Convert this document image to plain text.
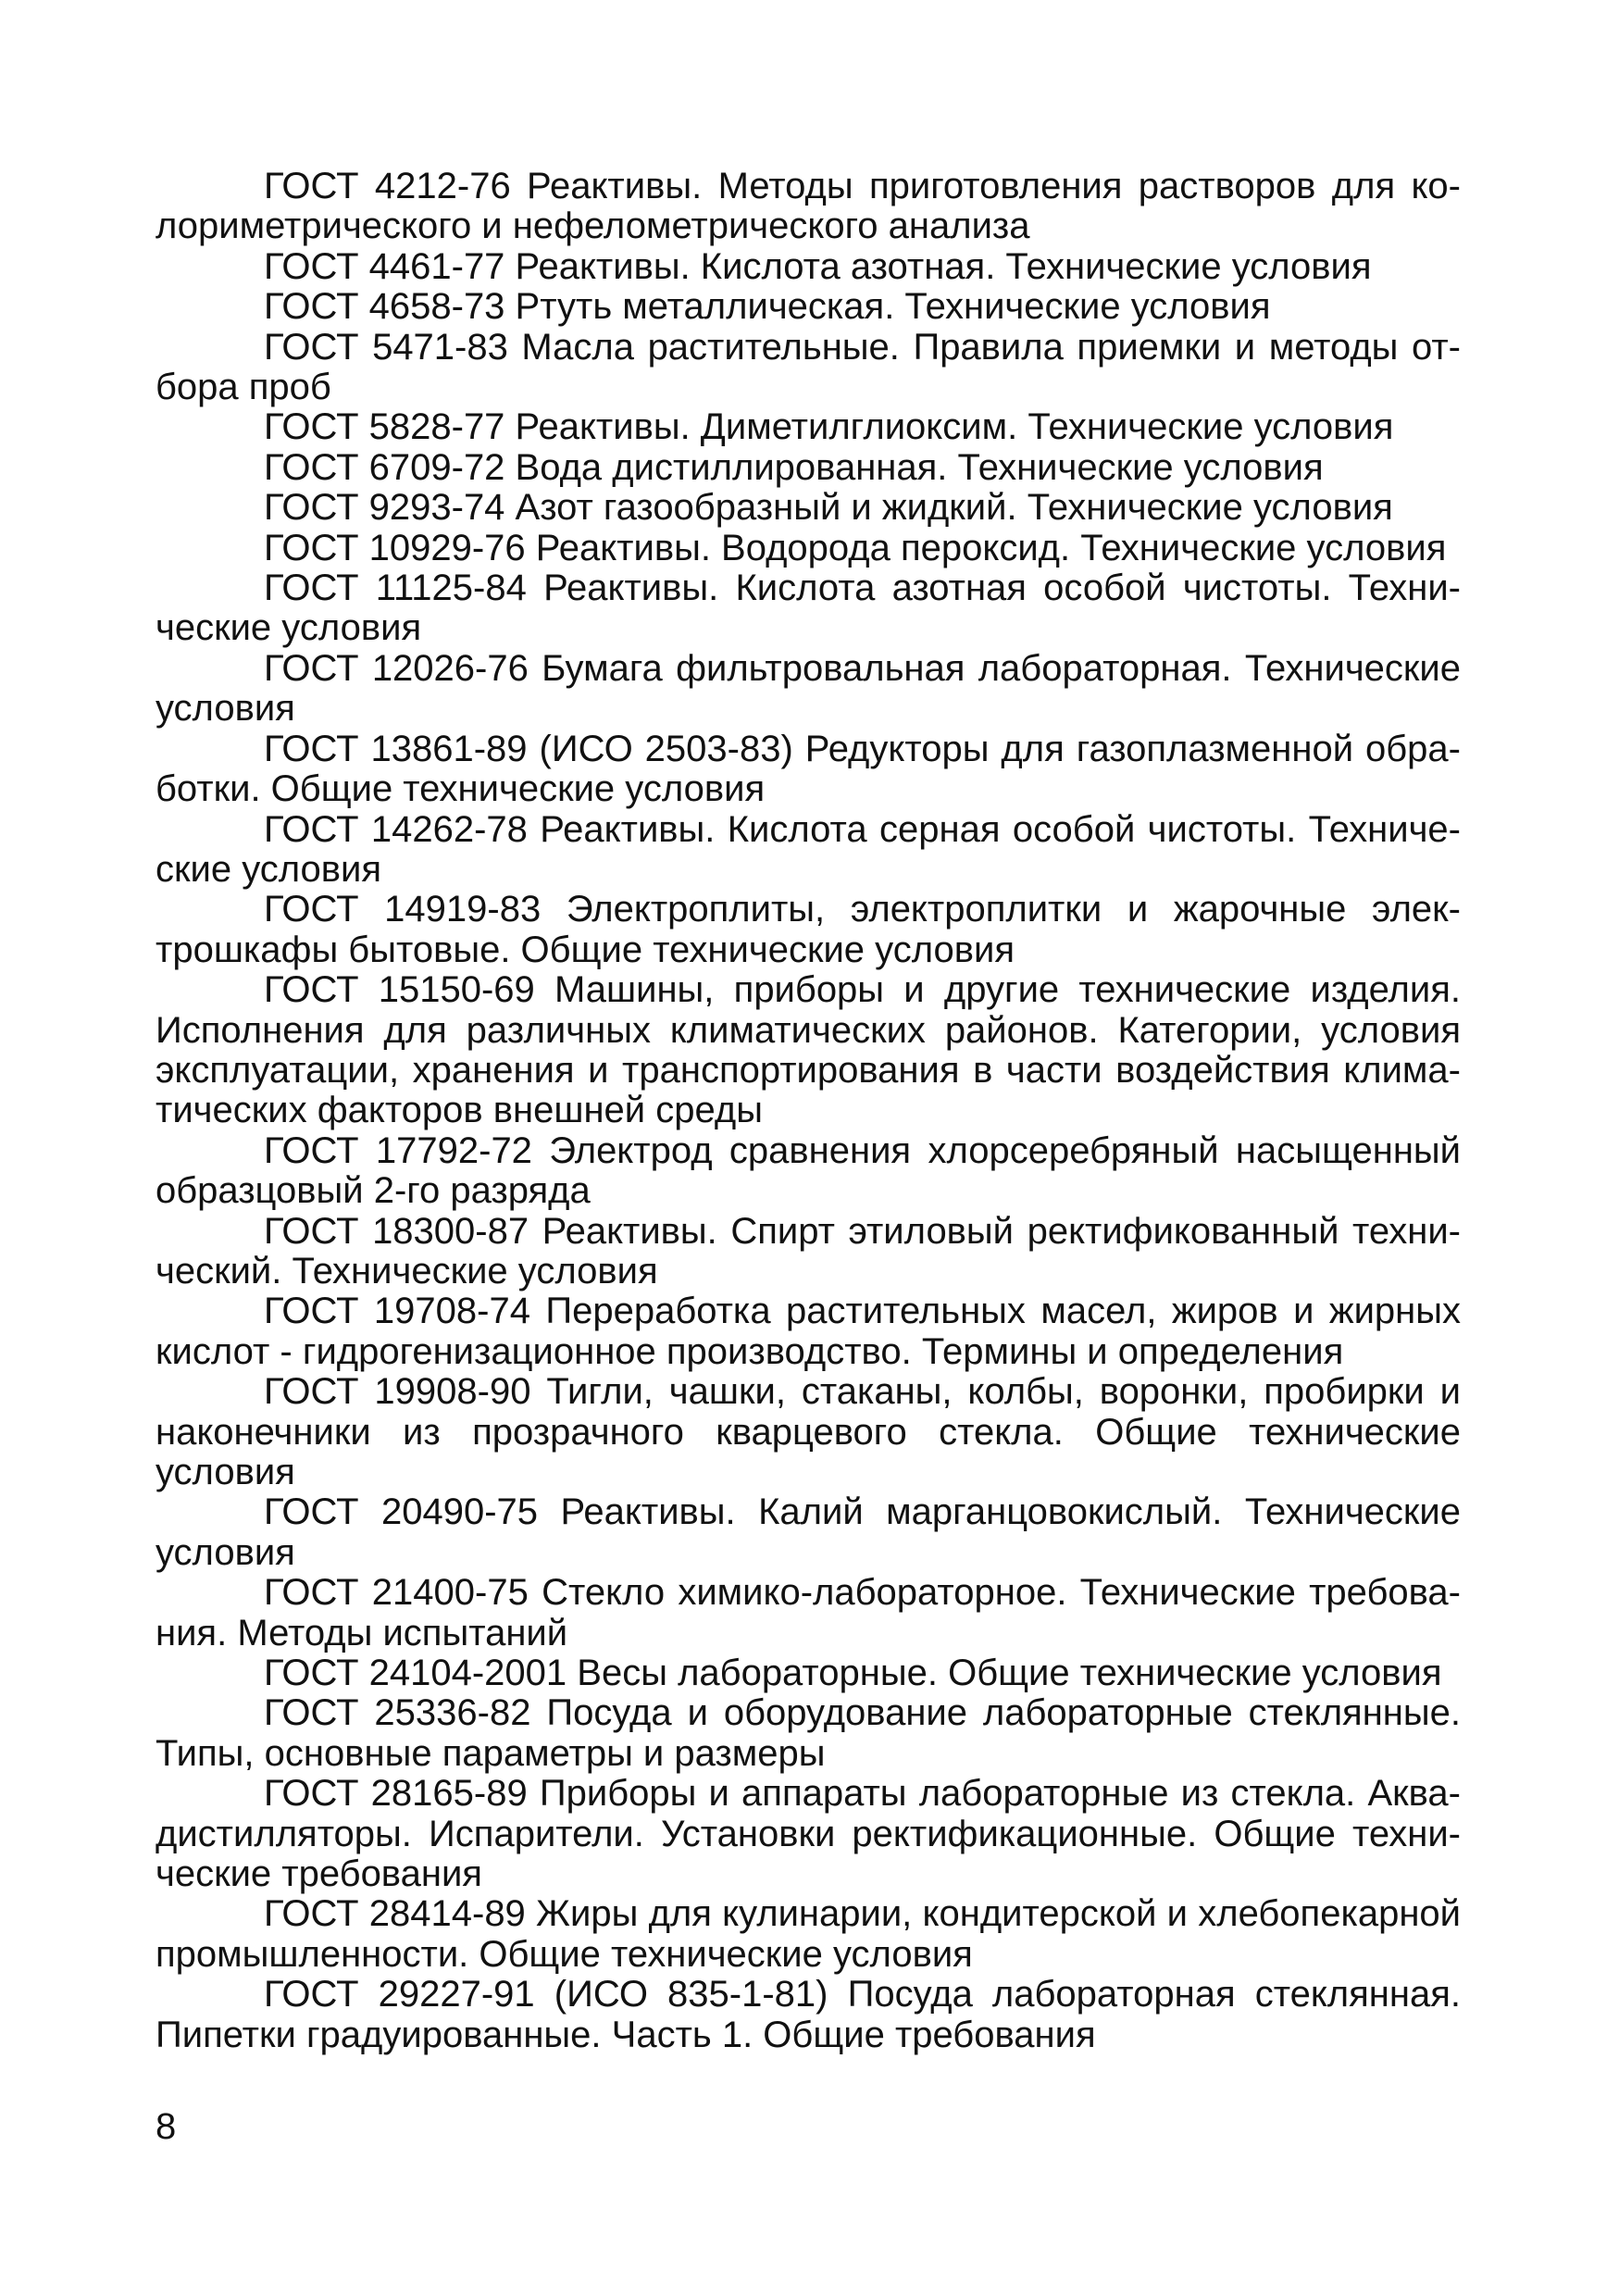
ГОСТ 4212-76 Реактивы. Методы приготовления растворов для колориметрического и нефелометрического анализа

ГОСТ 4461-77 Реактивы. Кислота азотная. Технические условия

ГОСТ 4658-73 Ртуть металлическая. Технические условия

ГОСТ 5471-83 Масла растительные. Правила приемки и методы отбора проб

ГОСТ 5828-77 Реактивы. Диметилглиоксим. Технические условия

ГОСТ 6709-72 Вода дистиллированная. Технические условия

ГОСТ 9293-74 Азот газообразный и жидкий. Технические условия

ГОСТ 10929-76 Реактивы. Водорода пероксид. Технические условия

ГОСТ 11125-84 Реактивы. Кислота азотная особой чистоты. Технические условия

ГОСТ 12026-76 Бумага фильтровальная лабораторная. Технические условия

ГОСТ 13861-89 (ИСО 2503-83) Редукторы для газоплазменной обработки. Общие технические условия

ГОСТ 14262-78 Реактивы. Кислота серная особой чистоты. Технические условия

ГОСТ 14919-83 Электроплиты, электроплитки и жарочные электрошкафы бытовые. Общие технические условия

ГОСТ 15150-69 Машины, приборы и другие технические изделия. Исполнения для различных климатических районов. Категории, условия эксплуатации, хранения и транспортирования в части воздействия климатических факторов внешней среды

ГОСТ 17792-72 Электрод сравнения хлорсеребряный насыщенный образцовый 2-го разряда

ГОСТ 18300-87 Реактивы. Спирт этиловый ректификованный технический. Технические условия

ГОСТ 19708-74 Переработка растительных масел, жиров и жирных кислот - гидрогенизационное производство. Термины и определения

ГОСТ 19908-90 Тигли, чашки, стаканы, колбы, воронки, пробирки и наконечники из прозрачного кварцевого стекла. Общие технические условия

ГОСТ 20490-75 Реактивы. Калий марганцовокислый. Технические условия

ГОСТ 21400-75 Стекло химико-лабораторное. Технические требования. Методы испытаний

ГОСТ 24104-2001 Весы лабораторные. Общие технические условия

ГОСТ 25336-82 Посуда и оборудование лабораторные стеклянные. Типы, основные параметры и размеры

ГОСТ 28165-89 Приборы и аппараты лабораторные из стекла. Аквадистилляторы. Испарители. Установки ректификационные. Общие технические требования

ГОСТ 28414-89 Жиры для кулинарии, кондитерской и хлебопекарной промышленности. Общие технические условия

ГОСТ 29227-91 (ИСО 835-1-81) Посуда лабораторная стеклянная. Пипетки градуированные. Часть 1. Общие требования

8
